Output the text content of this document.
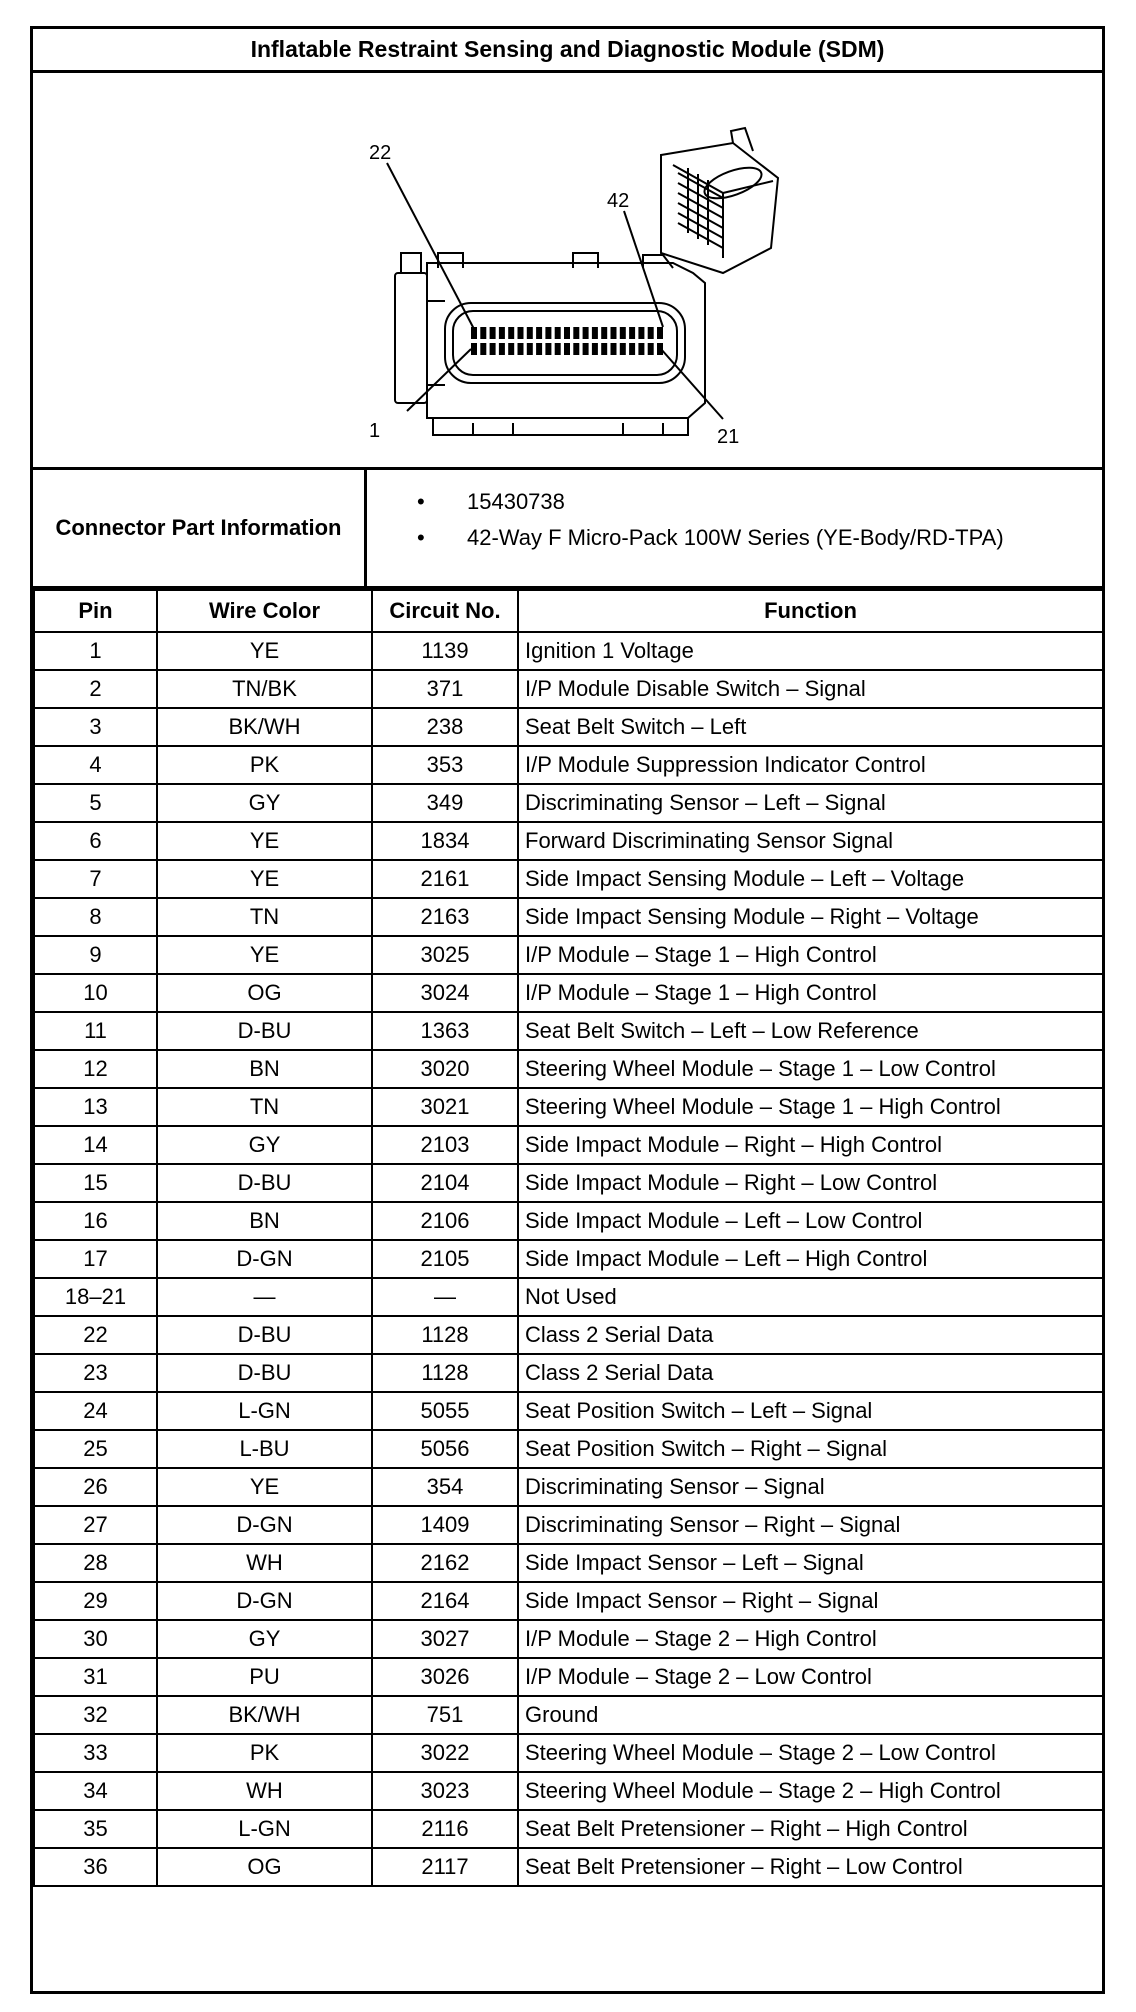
Inflatable Restraint Sensing and Diagnostic Module (SDM)
22
42
1	21
Connector Part Information
• 15430738
• 42-Way F Micro-Pack 100W Series (YE-Body/RD-TPA)
Pin	Wire Color	Circuit No.	Function
1	YE	1139	Ignition 1 Voltage
2	TN/BK	371	I/P Module Disable Switch – Signal
3	BK/WH	238	Seat Belt Switch – Left
4	PK	353	I/P Module Suppression Indicator Control
5	GY	349	Discriminating Sensor – Left – Signal
6	YE	1834	Forward Discriminating Sensor Signal
7	YE	2161	Side Impact Sensing Module – Left – Voltage
8	TN	2163	Side Impact Sensing Module – Right – Voltage
9	YE	3025	I/P Module – Stage 1 – High Control
10	OG	3024	I/P Module – Stage 1 – High Control
11	D-BU	1363	Seat Belt Switch – Left – Low Reference
12	BN	3020	Steering Wheel Module – Stage 1 – Low Control
13	TN	3021	Steering Wheel Module – Stage 1 – High Control
14	GY	2103	Side Impact Module – Right – High Control
15	D-BU	2104	Side Impact Module – Right – Low Control
16	BN	2106	Side Impact Module – Left – Low Control
17	D-GN	2105	Side Impact Module – Left – High Control
18–21	—	—	Not Used
22	D-BU	1128	Class 2 Serial Data
23	D-BU	1128	Class 2 Serial Data
24	L-GN	5055	Seat Position Switch – Left – Signal
25	L-BU	5056	Seat Position Switch – Right – Signal
26	YE	354	Discriminating Sensor – Signal
27	D-GN	1409	Discriminating Sensor – Right – Signal
28	WH	2162	Side Impact Sensor – Left – Signal
29	D-GN	2164	Side Impact Sensor – Right – Signal
30	GY	3027	I/P Module – Stage 2 – High Control
31	PU	3026	I/P Module – Stage 2 – Low Control
32	BK/WH	751	Ground
33	PK	3022	Steering Wheel Module – Stage 2 – Low Control
34	WH	3023	Steering Wheel Module – Stage 2 – High Control
35	L-GN	2116	Seat Belt Pretensioner – Right – High Control
36	OG	2117	Seat Belt Pretensioner – Right – Low Control
